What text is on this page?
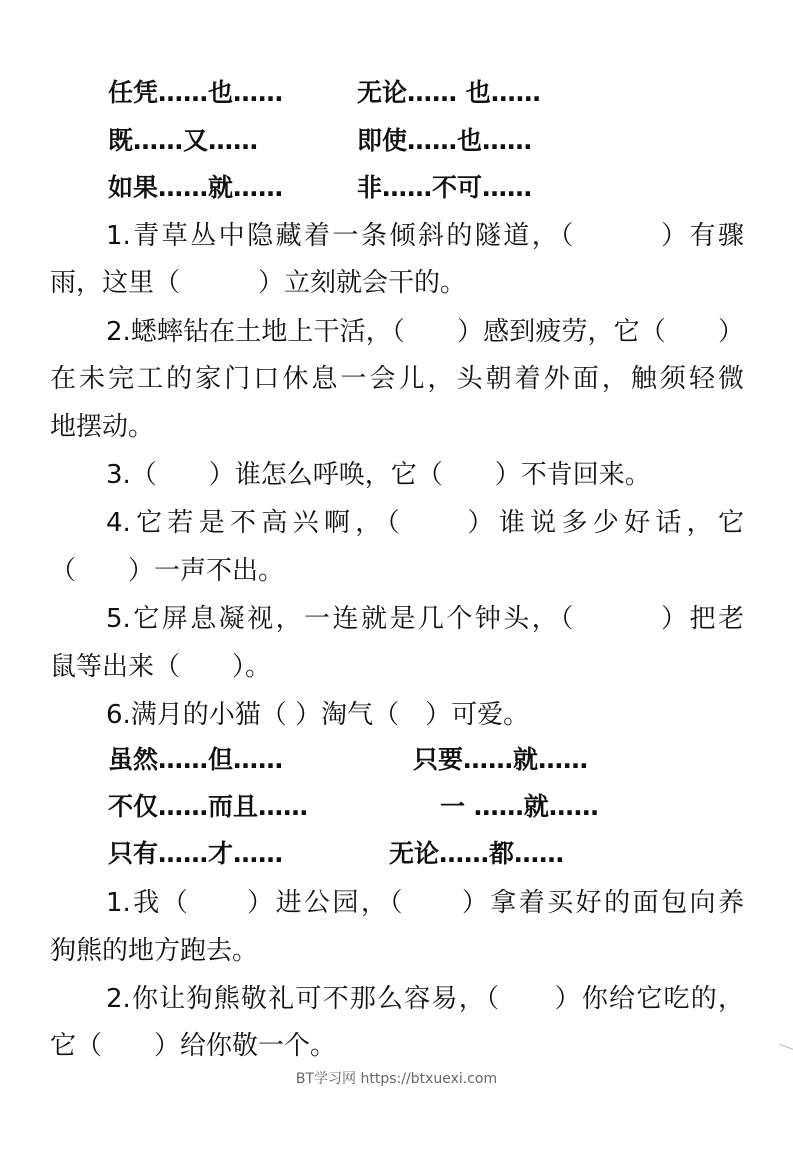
任凭……也……	无论…… 也……
既……又……	即使……也……
如果……就……	非……不可……

1.青草丛中隐藏着一条倾斜的隧道，（　　　）有骤

雨，这里（　　　）立刻就会干的。

2.蟋蟀钻在土地上干活，（　　）感到疲劳，它（　　）

在未完工的家门口休息一会儿，头朝着外面，触须轻微

地摆动。

3.（　　）谁怎么呼唤，它（　　）不肯回来。

4.它若是不高兴啊，（　　）谁说多少好话，它

（　　）一声不出。

5.它屏息凝视，一连就是几个钟头，（　　　）把老

鼠等出来（　　）。

6.满月的小猫（ ）淘气（　）可爱。

虽然……但……	只要……就……
不仅……而且……	一 ……就……
只有……才……	无论……都……

1.我（　　）进公园，（　　）拿着买好的面包向养

狗熊的地方跑去。

2.你让狗熊敬礼可不那么容易，（　　）你给它吃的，

它（　　）给你敬一个。

BT学习网 https://btxuexi.com
